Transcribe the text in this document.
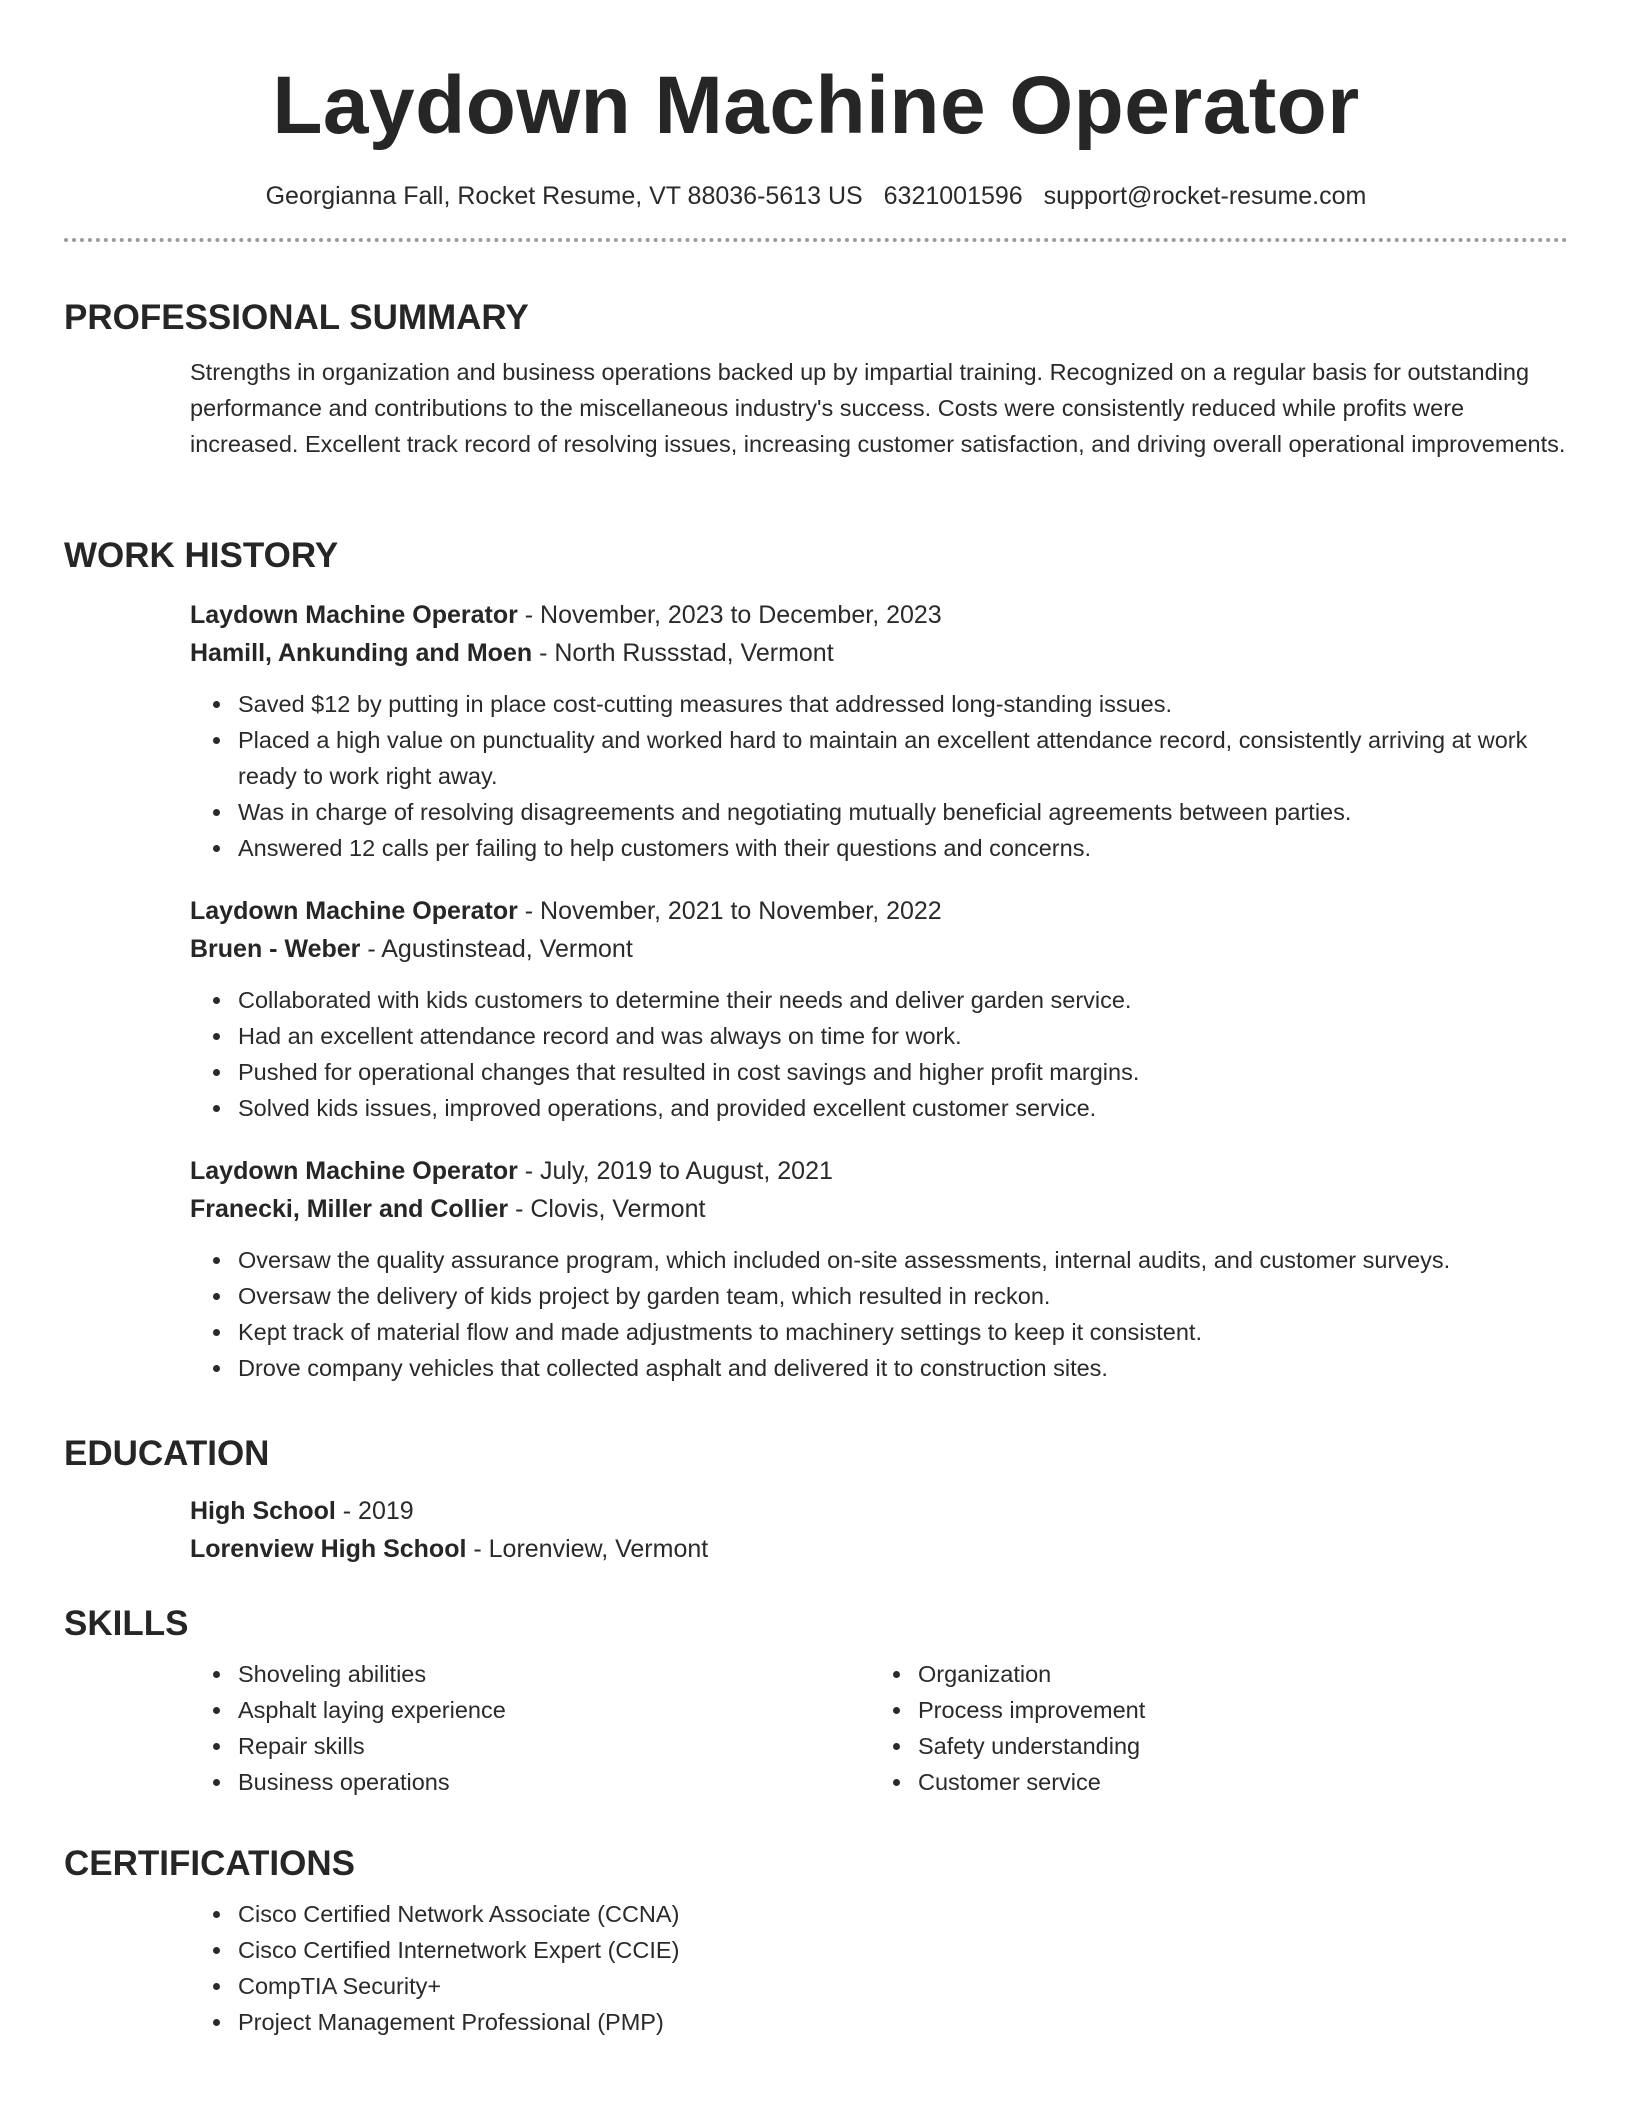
Laydown Machine Operator
Georgianna Fall, Rocket Resume, VT 88036-5613 US 6321001596 support@rocket-resume.com
PROFESSIONAL SUMMARY
Strengths in organization and business operations backed up by impartial training. Recognized on a regular basis for outstanding performance and contributions to the miscellaneous industry's success. Costs were consistently reduced while profits were increased. Excellent track record of resolving issues, increasing customer satisfaction, and driving overall operational improvements.
WORK HISTORY
Laydown Machine Operator - November, 2023 to December, 2023
Hamill, Ankunding and Moen - North Russstad, Vermont
• Saved $12 by putting in place cost-cutting measures that addressed long-standing issues.
• Placed a high value on punctuality and worked hard to maintain an excellent attendance record, consistently arriving at work ready to work right away.
• Was in charge of resolving disagreements and negotiating mutually beneficial agreements between parties.
• Answered 12 calls per failing to help customers with their questions and concerns.
Laydown Machine Operator - November, 2021 to November, 2022
Bruen - Weber - Agustinstead, Vermont
• Collaborated with kids customers to determine their needs and deliver garden service.
• Had an excellent attendance record and was always on time for work.
• Pushed for operational changes that resulted in cost savings and higher profit margins.
• Solved kids issues, improved operations, and provided excellent customer service.
Laydown Machine Operator - July, 2019 to August, 2021
Franecki, Miller and Collier - Clovis, Vermont
• Oversaw the quality assurance program, which included on-site assessments, internal audits, and customer surveys.
• Oversaw the delivery of kids project by garden team, which resulted in reckon.
• Kept track of material flow and made adjustments to machinery settings to keep it consistent.
• Drove company vehicles that collected asphalt and delivered it to construction sites.
EDUCATION
High School - 2019
Lorenview High School - Lorenview, Vermont
SKILLS
• Shoveling abilities
• Asphalt laying experience
• Repair skills
• Business operations
• Organization
• Process improvement
• Safety understanding
• Customer service
CERTIFICATIONS
• Cisco Certified Network Associate (CCNA)
• Cisco Certified Internetwork Expert (CCIE)
• CompTIA Security+
• Project Management Professional (PMP)
